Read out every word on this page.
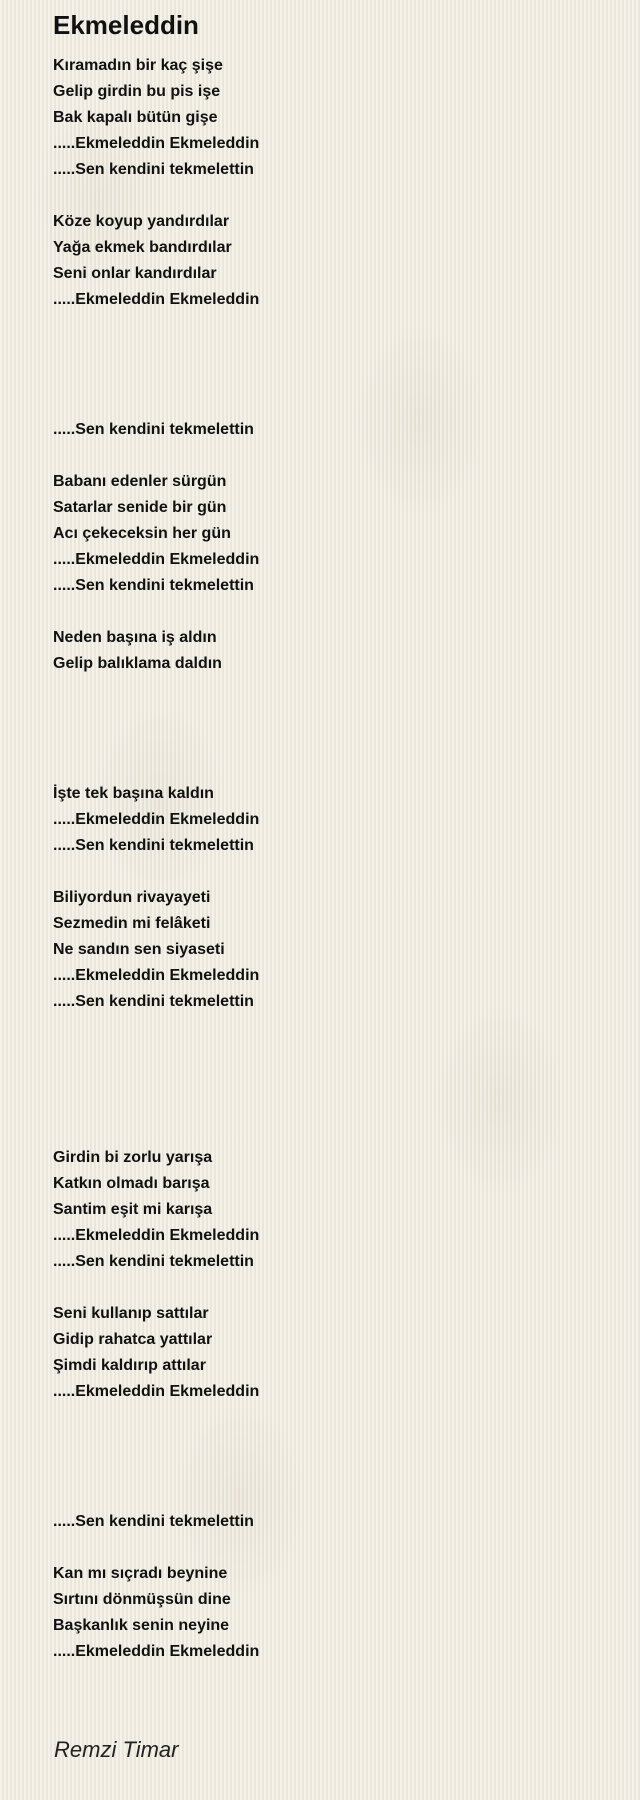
Ekmeleddin
Kıramadın bir kaç şişe
Gelip girdin bu pis işe
Bak kapalı bütün gişe
.....Ekmeleddin Ekmeleddin
.....Sen kendini tekmelettin
Köze koyup yandırdılar
Yağa ekmek bandırdılar
Seni onlar kandırdılar
.....Ekmeleddin Ekmeleddin
.....Sen kendini tekmelettin
Babanı edenler sürgün
Satarlar senide bir gün
Acı çekeceksin her gün
.....Ekmeleddin Ekmeleddin
.....Sen kendini tekmelettin
Neden başına iş aldın
Gelip balıklama daldın
İşte tek başına kaldın
.....Ekmeleddin Ekmeleddin
.....Sen kendini tekmelettin
Biliyordun rivayayeti
Sezmedin mi felâketi
Ne sandın sen siyaseti
.....Ekmeleddin Ekmeleddin
.....Sen kendini tekmelettin
Girdin bi zorlu yarışa
Katkın olmadı barışa
Santim eşit mi karışa
.....Ekmeleddin Ekmeleddin
.....Sen kendini tekmelettin
Seni kullanıp sattılar
Gidip rahatca yattılar
Şimdi kaldırıp attılar
.....Ekmeleddin Ekmeleddin
.....Sen kendini tekmelettin
Kan mı sıçradı beynine
Sırtını dönmüşsün dine
Başkanlık senin neyine
.....Ekmeleddin Ekmeleddin
Remzi Timar
